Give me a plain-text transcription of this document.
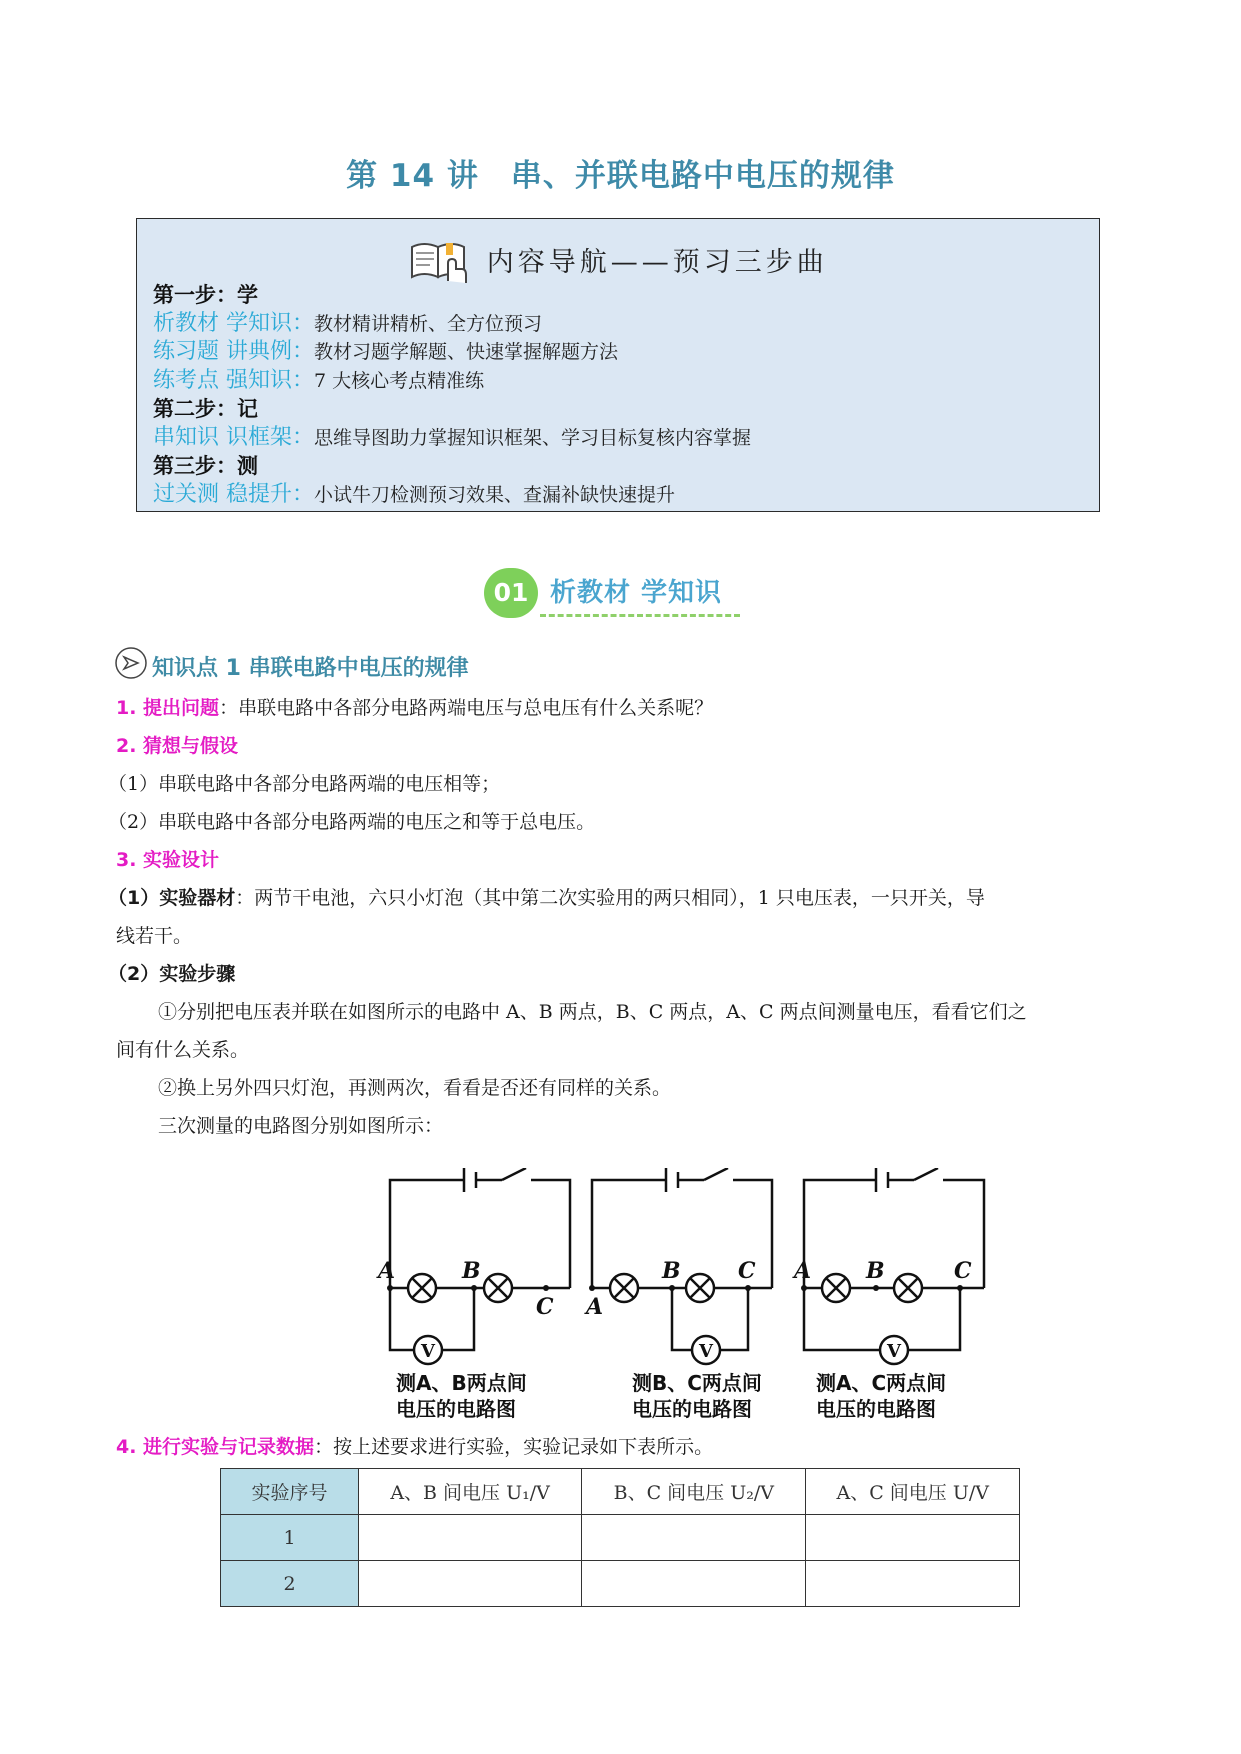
第 14 讲　串、并联电路中电压的规律
内容导航——预习三步曲
第一步：学
析教材 学知识：教材精讲精析、全方位预习
练习题 讲典例：教材习题学解题、快速掌握解题方法
练考点 强知识：7 大核心考点精准练
第二步：记
串知识 识框架：思维导图助力掌握知识框架、学习目标复核内容掌握
第三步：测
过关测 稳提升：小试牛刀检测预习效果、查漏补缺快速提升
01 析教材 学知识
知识点 1 串联电路中电压的规律
1. 提出问题：串联电路中各部分电路两端电压与总电压有什么关系呢？
2. 猜想与假设
（1）串联电路中各部分电路两端的电压相等；
（2）串联电路中各部分电路两端的电压之和等于总电压。
3. 实验设计
（1）实验器材：两节干电池，六只小灯泡（其中第二次实验用的两只相同），1 只电压表，一只开关，导
线若干。
（2）实验步骤
①分别把电压表并联在如图所示的电路中 A、B 两点，B、C 两点，A、C 两点间测量电压，看看它们之
间有什么关系。
②换上另外四只灯泡，再测两次，看看是否还有同样的关系。
三次测量的电路图分别如图所示：
V
A	B
C
测A、B两点间
电压的电路图
V
A
B	C
测B、C两点间
电压的电路图
V
A B	C
测A、C两点间
电压的电路图
4. 进行实验与记录数据：按上述要求进行实验，实验记录如下表所示。
实验序号	A、B 间电压 U₁/V	B、C 间电压 U₂/V	A、C 间电压 U/V
1			
2			
